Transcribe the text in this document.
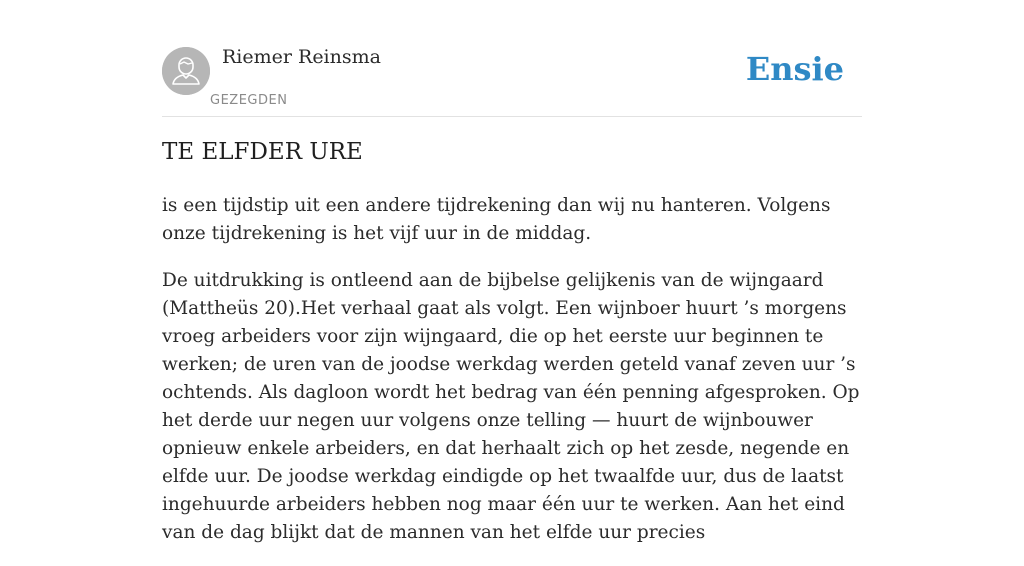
Riemer Reinsma
GEZEGDEN
Ensie
TE ELFDER URE

is een tijdstip uit een andere tijdrekening dan wij nu hanteren. Volgens onze tijdrekening is het vijf uur in de middag.

De uitdrukking is ontleend aan de bijbelse gelijkenis van de wijngaard (Mattheüs 20).Het verhaal gaat als volgt. Een wijnboer huurt ’s morgens vroeg arbeiders voor zijn wijngaard, die op het eerste uur beginnen te werken; de uren van de joodse werkdag werden geteld vanaf zeven uur ’s ochtends. Als dagloon wordt het bedrag van één penning afgesproken. Op het derde uur negen uur volgens onze telling — huurt de wijnbouwer opnieuw enkele arbeiders, en dat herhaalt zich op het zesde, negende en elfde uur. De joodse werkdag eindigde op het twaalfde uur, dus de laatst ingehuurde arbeiders hebben nog maar één uur te werken. Aan het eind van de dag blijkt dat de mannen van het elfde uur precies
